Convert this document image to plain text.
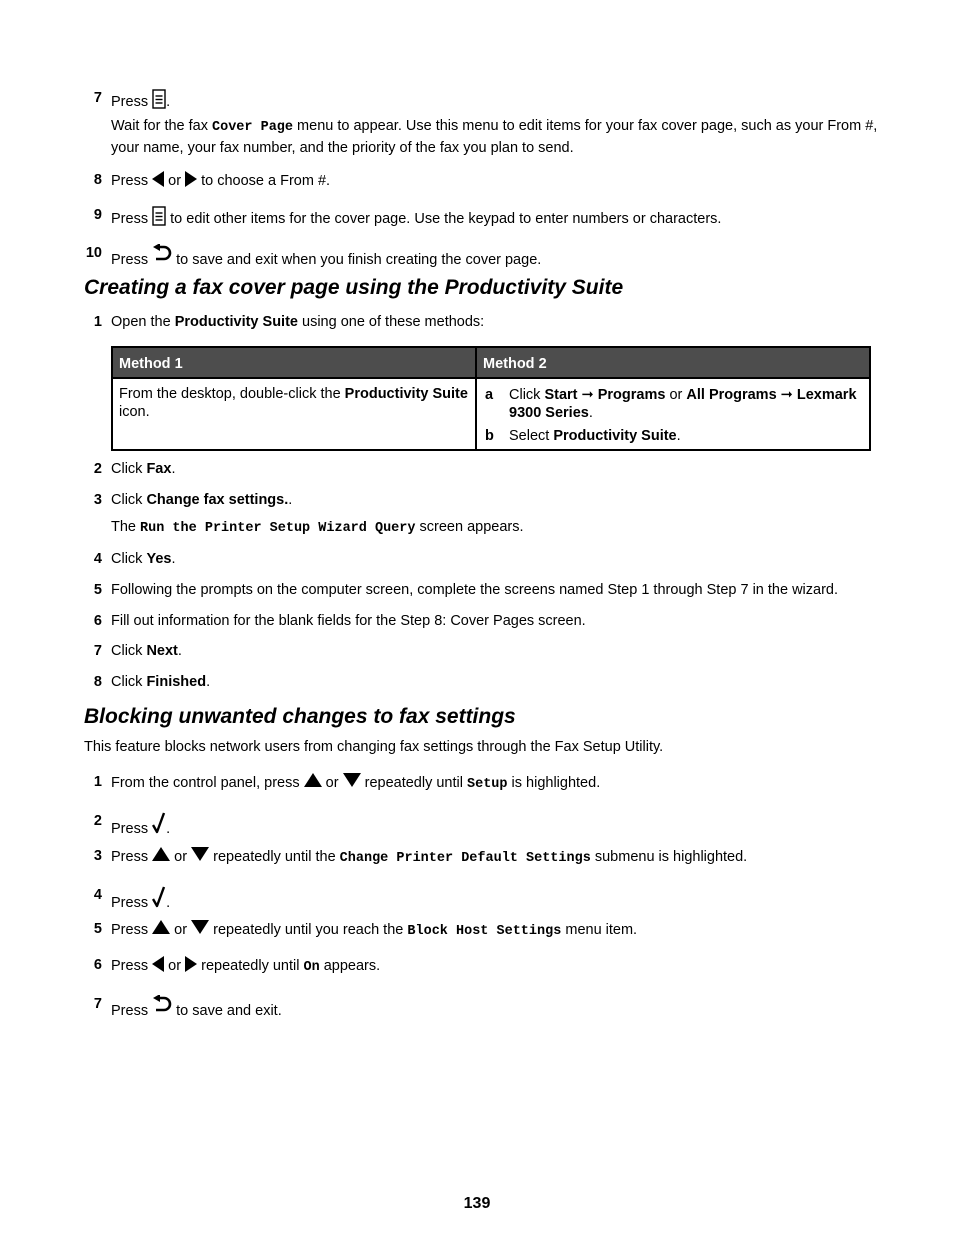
7 Press .
Wait for the fax Cover Page menu to appear. Use this menu to edit items for your fax cover page, such as your From #, your name, your fax number, and the priority of the fax you plan to send.
8 Press or to choose a From #.
9 Press to edit other items for the cover page. Use the keypad to enter numbers or characters.
10 Press to save and exit when you finish creating the cover page.
Creating a fax cover page using the Productivity Suite
1 Open the Productivity Suite using one of these methods:
Method 1	Method 2
From the desktop, double-click the Productivity Suite icon.	a Click Start ➞ Programs or All Programs ➞ Lexmark 9300 Series.
b Select Productivity Suite.
2 Click Fax.
3 Click Change fax settings..
The Run the Printer Setup Wizard Query screen appears.
4 Click Yes.
5 Following the prompts on the computer screen, complete the screens named Step 1 through Step 7 in the wizard.
6 Fill out information for the blank fields for the Step 8: Cover Pages screen.
7 Click Next.
8 Click Finished.
Blocking unwanted changes to fax settings
This feature blocks network users from changing fax settings through the Fax Setup Utility.
1 From the control panel, press or repeatedly until Setup is highlighted.
2 Press .
3 Press or repeatedly until the Change Printer Default Settings submenu is highlighted.
4 Press .
5 Press or repeatedly until you reach the Block Host Settings menu item.
6 Press or repeatedly until On appears.
7 Press to save and exit.
139
